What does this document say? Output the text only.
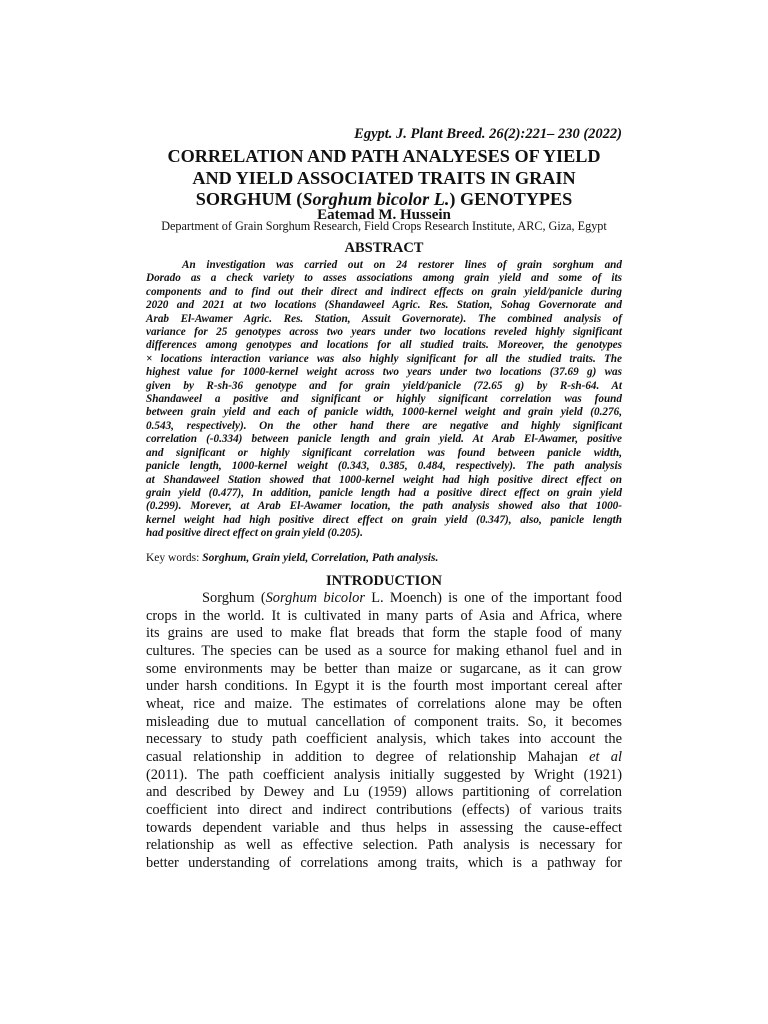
Egypt. J. Plant Breed. 26(2):221– 230 (2022)
CORRELATION AND PATH ANALYESES OF YIELD
AND YIELD ASSOCIATED TRAITS IN GRAIN
SORGHUM (Sorghum bicolor L.) GENOTYPES
Eatemad M. Hussein
Department of Grain Sorghum Research, Field Crops Research Institute, ARC, Giza, Egypt
ABSTRACT
An investigation was carried out on 24 restorer lines of grain sorghum and
Dorado as a check variety to asses associations among grain yield and some of its
components and to find out their direct and indirect effects on grain yield/panicle during
2020 and 2021 at two locations (Shandaweel Agric. Res. Station, Sohag Governorate and
Arab El-Awamer Agric. Res. Station, Assuit Governorate). The combined analysis of
variance for 25 genotypes across two years under two locations reveled highly significant
differences among genotypes and locations for all studied traits. Moreover, the genotypes
× locations interaction variance was also highly significant for all the studied traits. The
highest value for 1000-kernel weight across two years under two locations (37.69 g) was
given by R-sh-36 genotype and for grain yield/panicle (72.65 g) by R-sh-64. At
Shandaweel a positive and significant or highly significant correlation was found
between grain yield and each of panicle width, 1000-kernel weight and grain yield (0.276,
0.543, respectively). On the other hand there are negative and highly significant
correlation (-0.334) between panicle length and grain yield. At Arab El-Awamer, positive
and significant or highly significant correlation was found between panicle width,
panicle length, 1000-kernel weight (0.343, 0.385, 0.484, respectively). The path analysis
at Shandaweel Station showed that 1000-kernel weight had high positive direct effect on
grain yield (0.477), In addition, panicle length had a positive direct effect on grain yield
(0.299). Morever, at Arab El-Awamer location, the path analysis showed also that 1000-
kernel weight had high positive direct effect on grain yield (0.347), also, panicle length
had positive direct effect on grain yield (0.205).
Key words: Sorghum, Grain yield, Correlation, Path analysis.
INTRODUCTION
Sorghum (Sorghum bicolor L. Moench) is one of the important food
crops in the world. It is cultivated in many parts of Asia and Africa, where
its grains are used to make flat breads that form the staple food of many
cultures. The species can be used as a source for making ethanol fuel and in
some environments may be better than maize or sugarcane, as it can grow
under harsh conditions. In Egypt it is the fourth most important cereal after
wheat, rice and maize. The estimates of correlations alone may be often
misleading due to mutual cancellation of component traits. So, it becomes
necessary to study path coefficient analysis, which takes into account the
casual relationship in addition to degree of relationship Mahajan et al
(2011). The path coefficient analysis initially suggested by Wright (1921)
and described by Dewey and Lu (1959) allows partitioning of correlation
coefficient into direct and indirect contributions (effects) of various traits
towards dependent variable and thus helps in assessing the cause-effect
relationship as well as effective selection. Path analysis is necessary for
better understanding of correlations among traits, which is a pathway for
